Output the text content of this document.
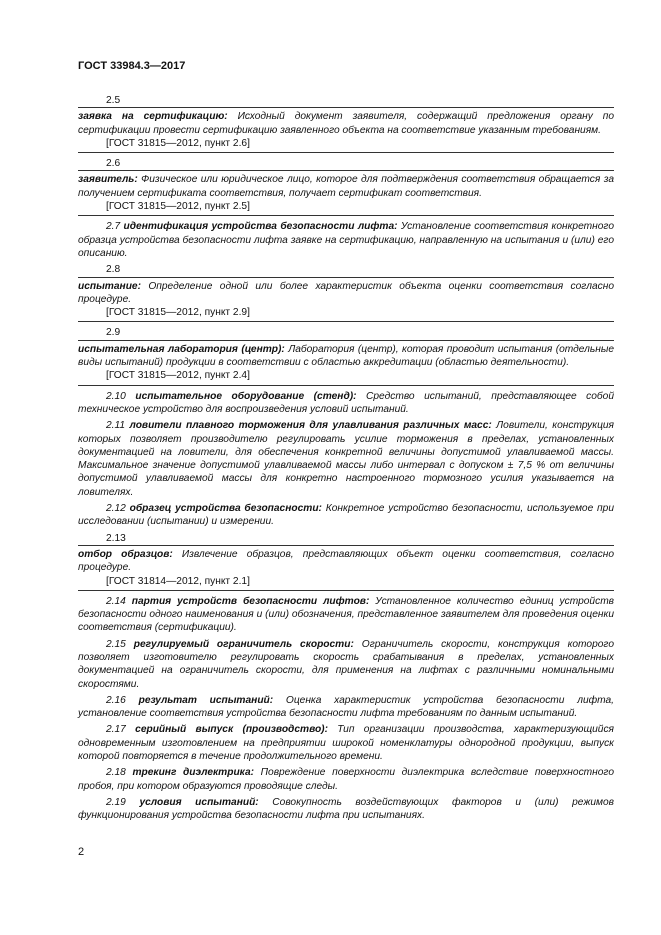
ГОСТ 33984.3—2017
2.5
заявка на сертификацию: Исходный документ заявителя, содержащий предложения органу по сертификации провести сертификацию заявленного объекта на соответствие указанным требованиям.
[ГОСТ 31815—2012, пункт 2.6]
2.6
заявитель: Физическое или юридическое лицо, которое для подтверждения соответствия обращается за получением сертификата соответствия, получает сертификат соответствия.
[ГОСТ 31815—2012, пункт 2.5]
2.7 идентификация устройства безопасности лифта: Установление соответствия конкретного образца устройства безопасности лифта заявке на сертификацию, направленную на испытания и (или) его описанию.
2.8
испытание: Определение одной или более характеристик объекта оценки соответствия согласно процедуре.
[ГОСТ 31815—2012, пункт 2.9]
2.9
испытательная лаборатория (центр): Лаборатория (центр), которая проводит испытания (отдельные виды испытаний) продукции в соответствии с областью аккредитации (областью деятельности).
[ГОСТ 31815—2012, пункт 2.4]
2.10 испытательное оборудование (стенд): Средство испытаний, представляющее собой техническое устройство для воспроизведения условий испытаний.
2.11 ловители плавного торможения для улавливания различных масс: Ловители, конструкция которых позволяет производителю регулировать усилие торможения в пределах, установленных документацией на ловители, для обеспечения конкретной величины допустимой улавливаемой массы. Максимальное значение допустимой улавливаемой массы либо интервал с допуском ± 7,5 % от величины допустимой улавливаемой массы для конкретно настроенного тормозного усилия указывается на ловителях.
2.12 образец устройства безопасности: Конкретное устройство безопасности, используемое при исследовании (испытании) и измерении.
2.13
отбор образцов: Извлечение образцов, представляющих объект оценки соответствия, согласно процедуре.
[ГОСТ 31814—2012, пункт 2.1]
2.14 партия устройств безопасности лифтов: Установленное количество единиц устройств безопасности одного наименования и (или) обозначения, представленное заявителем для проведения оценки соответствия (сертификации).
2.15 регулируемый ограничитель скорости: Ограничитель скорости, конструкция которого позволяет изготовителю регулировать скорость срабатывания в пределах, установленных документацией на ограничитель скорости, для применения на лифтах с различными номинальными скоростями.
2.16 результат испытаний: Оценка характеристик устройства безопасности лифта, установление соответствия устройства безопасности лифта требованиям по данным испытаний.
2.17 серийный выпуск (производство): Тип организации производства, характеризующийся одновременным изготовлением на предприятии широкой номенклатуры однородной продукции, выпуск которой повторяется в течение продолжительного времени.
2.18 трекинг диэлектрика: Повреждение поверхности диэлектрика вследствие поверхностного пробоя, при котором образуются проводящие следы.
2.19 условия испытаний: Совокупность воздействующих факторов и (или) режимов функционирования устройства безопасности лифта при испытаниях.
2
